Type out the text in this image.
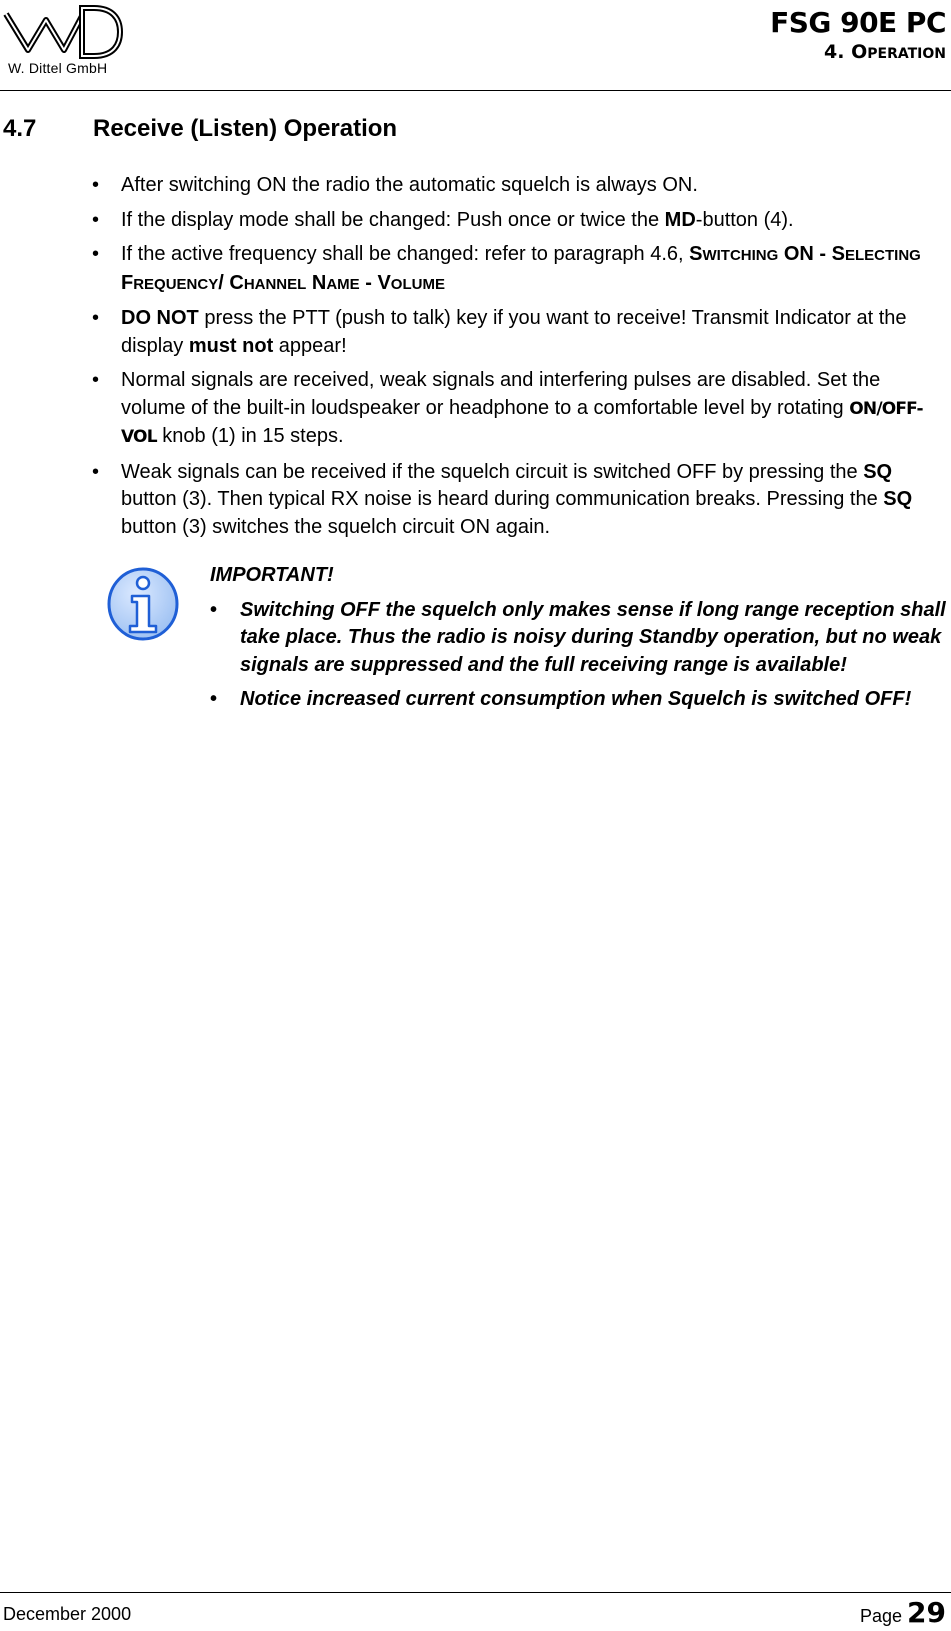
W. Dittel GmbH
FSG 90E PC
4. OPERATION
4.7 Receive (Listen) Operation
• After switching ON the radio the automatic squelch is always ON.
• If the display mode shall be changed: Push once or twice the MD-button (4).
• If the active frequency shall be changed: refer to paragraph 4.6, SWITCHING ON - SELECTING FREQUENCY/ CHANNEL NAME - VOLUME
• DO NOT press the PTT (push to talk) key if you want to receive! Transmit Indicator at the display must not appear!
• Normal signals are received, weak signals and interfering pulses are disabled. Set the volume of the built-in loudspeaker or headphone to a comfortable level by rotating ON/OFF-VOL knob (1) in 15 steps.
• Weak signals can be received if the squelch circuit is switched OFF by pressing the SQ button (3). Then typical RX noise is heard during communication breaks. Pressing the SQ button (3) switches the squelch circuit ON again.
IMPORTANT!
• Switching OFF the squelch only makes sense if long range reception shall take place. Thus the radio is noisy during Standby operation, but no weak signals are suppressed and the full receiving range is available!
• Notice increased current consumption when Squelch is switched OFF!
December 2000	Page 29
